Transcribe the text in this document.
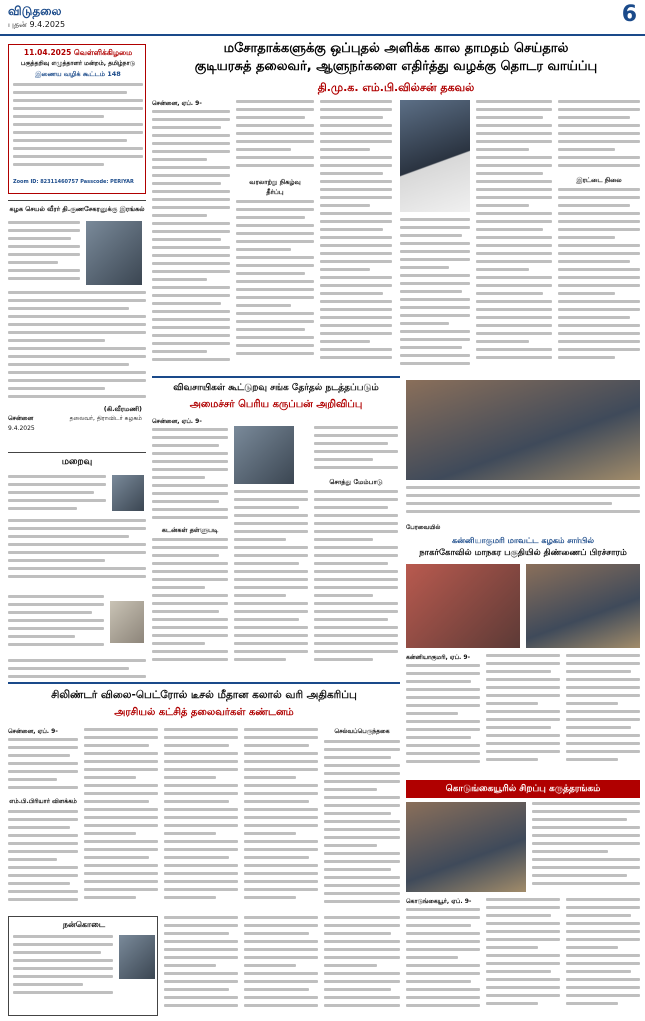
விடுதலை
புதன் 9.4.2025	6
11.04.2025 வெள்ளிக்கிழமை
பகுத்தறிவு எழுத்தாளர் மன்றம், தமிழ்நாடு
இணைய வழிக் கூட்டம் 148
Zoom ID: 82311460757 Passcode: PERIYAR
கழக செயல் வீரர் தி.குணசேகரனுக்கு இரங்கல்
(கி.வீரமணி)
சென்னை
9.4.2025
தலைவர், திராவிடர் கழகம்
மறைவு
மசோதாக்களுக்கு ஒப்புதல் அளிக்க கால தாமதம் செய்தால்
குடியரசுத் தலைவர், ஆளுநர்களை எதிர்த்து வழக்கு தொடர வாய்ப்பு
தி.மு.க. எம்.பி.வில்சன் தகவல்
சென்னை, ஏப். 9-
வரலாற்று நிகழ்வு
தீர்ப்பு
இரட்டை நிலை
விவசாயிகள் கூட்டுறவு சங்க தேர்தல் நடத்தப்படும்
அமைச்சர் பெரிய கருப்பன் அறிவிப்பு
சென்னை, ஏப். 9-
கடன்கள் தள்ளுபடி
சொத்து மேம்பாடு
பேரவையில்
கன்னியாகுமரி மாவட்ட கழகம் சார்பில்
நாகர்கோவில் மாநகர பகுதியில் திண்ணைப் பிரச்சாரம்
கன்னியாகுமரி, ஏப். 9-
கொடுங்கையூரில் சிறப்பு கருத்தரங்கம்
கொடுங்கையூர், ஏப். 9-
சிலிண்டர் விலை-பெட்ரோல் டீசல் மீதான கலால் வரி அதிகரிப்பு
அரசியல் கட்சித் தலைவர்கள் கண்டனம்
சென்னை, ஏப். 9-
எம்.பி.பிரியார் விளக்கம்
செல்வப்பெருந்தகை
நன்கொடை
